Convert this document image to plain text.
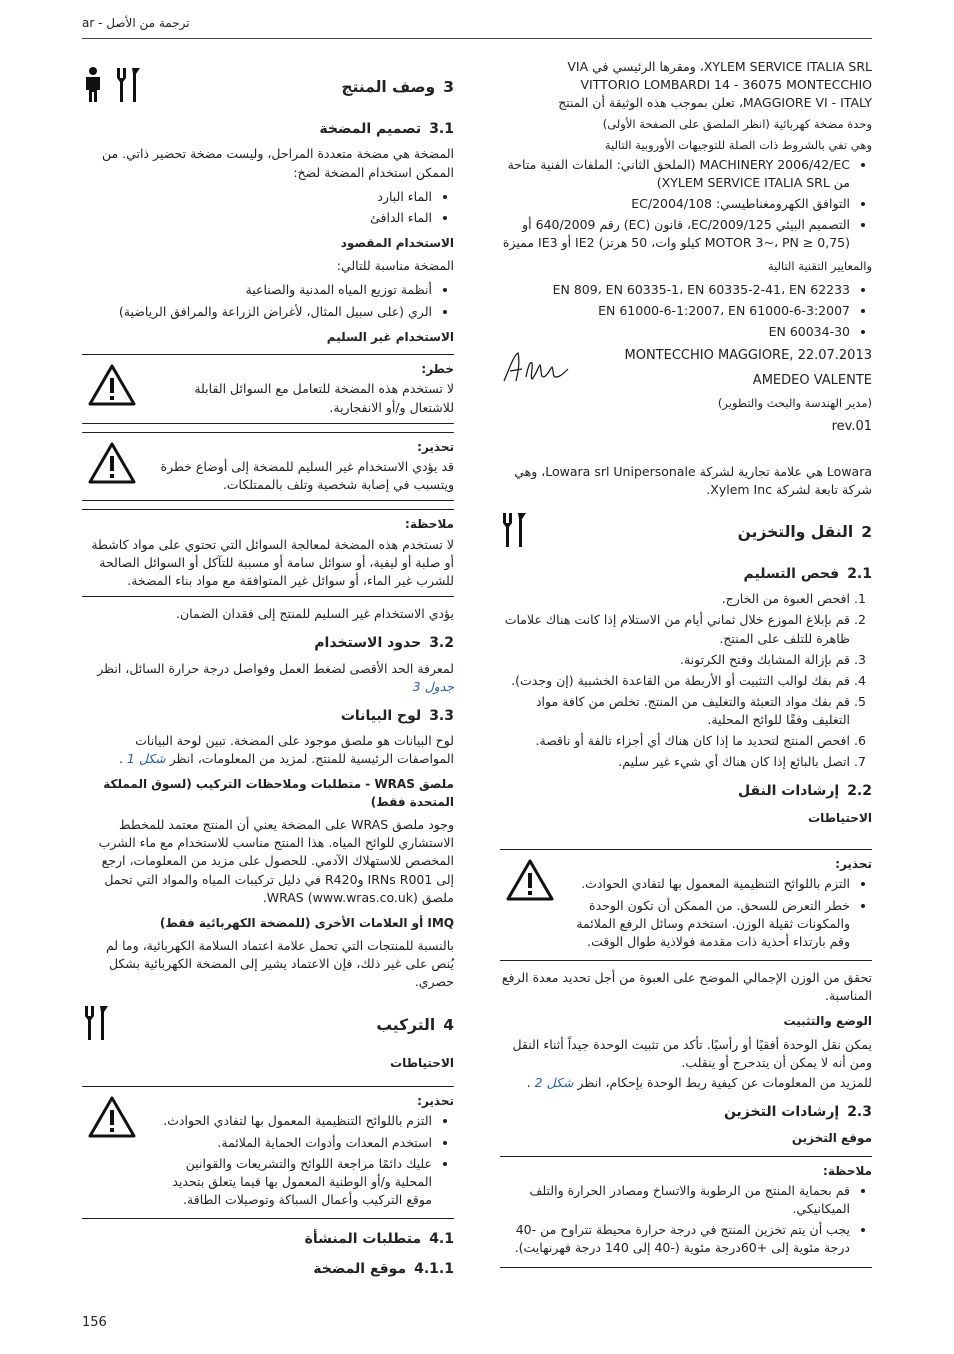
ar - ترجمة من الأصل

XYLEM SERVICE ITALIA SRL، ومقرها الرئيسي في VIA

VITTORIO LOMBARDI 14 - 36075 MONTECCHIO

MAGGIORE VI - ITALY، تعلن بموجب هذه الوثيقة أن المنتج

وحدة مضخة كهربائية (انظر الملصق على الصفحة الأولى)

وهي تفي بالشروط ذات الصلة للتوجيهات الأوروبية التالية

• MACHINERY 2006/42/EC (الملحق الثاني: الملفات الفنية متاحة من XYLEM SERVICE ITALIA SRL)
• التوافق الكهرومغناطيسي: EC/2004/108
• التصميم البيئي EC/2009/125، قانون (EC) رقم 640/2009 أو (MOTOR 3~، PN ≥ 0,75 كيلو وات، 50 هرتز) IE2 أو IE3 مميزة

والمعايير التقنية التالية

• EN 809، EN 60335-1، EN 60335-2-41، EN 62233
• EN 61000-6-1:2007، EN 61000-6-3:2007
• EN 60034-30
MONTECCHIO MAGGIORE, 22.07.2013
AMEDEO VALENTE
(مدير الهندسة والبحث والتطوير)
rev.01

Lowara هي علامة تجارية لشركة Lowara srl Unipersonale، وهي شركة تابعة لشركة Xylem Inc.

2النقل والتخزين
2.1فحص التسليم
1. افحص العبوة من الخارج.
2. قم بإبلاغ الموزع خلال ثماني أيام من الاستلام إذا كانت هناك علامات ظاهرة للتلف على المنتج.
3. قم بإزالة المشابك وفتح الكرتونة.
4. قم بفك لوالب التثبيت أو الأربطة من القاعدة الخشبية (إن وجدت).
5. قم بفك مواد التعبئة والتغليف من المنتج. تخلص من كافة مواد التغليف وفقًا للوائح المحلية.
6. افحص المنتج لتحديد ما إذا كان هناك أي أجزاء تالفة أو ناقصة.
7. اتصل بالبائع إذا كان هناك أي شيء غير سليم.
2.2إرشادات النقل
الاحتياطات
تحذير:
• التزم باللوائح التنظيمية المعمول بها لتفادي الحوادث.
• خطر التعرض للسحق. من الممكن أن تكون الوحدة والمكونات ثقيلة الوزن. استخدم وسائل الرفع الملائمة وقم بارتداء أحذية ذات مقدمة فولاذية طوال الوقت.

تحقق من الوزن الإجمالي الموضح على العبوة من أجل تحديد معدة الرفع المناسبة.

الوضع والتثبيت

يمكن نقل الوحدة أفقيًا أو رأسيًا. تأكد من تثبيت الوحدة جيداً أثناء النقل ومن أنه لا يمكن أن يتدحرج أو ينقلب.

للمزيد من المعلومات عن كيفية ربط الوحدة بإحكام، انظر شكل 2 .

2.3إرشادات التخزين
موقع التخزين
ملاحظة:
• قم بحماية المنتج من الرطوبة والاتساخ ومصادر الحرارة والتلف الميكانيكي.
• يجب أن يتم تخزين المنتج في درجة حرارة محيطة تتراوح من -40 درجة مئوية إلى +60درجة مئوية (-40 إلى 140 درجة فهرنهايت).
3وصف المنتج
3.1تصميم المضخة

المضخة هي مضخة متعددة المراحل، وليست مضخة تحضير ذاتي. من الممكن استخدام المضخة لضخ:

• الماء البارد
• الماء الدافئ
الاستخدام المقصود

المضخة مناسبة للتالي:

• أنظمة توزيع المياه المدنية والصناعية
• الري (على سبيل المثال، لأغراض الزراعة والمرافق الرياضية)
الاستخدام غير السليم
خطر:
لا تستخدم هذه المضخة للتعامل مع السوائل القابلة للاشتعال و/أو الانفجارية.
تحذير:
قد يؤدي الاستخدام غير السليم للمضخة إلى أوضاع خطرة ويتسبب في إصابة شخصية وتلف بالممتلكات.
ملاحظة:
لا تستخدم هذه المضخة لمعالجة السوائل التي تحتوي على مواد كاشطة أو صلبة أو ليفية، أو سوائل سامة أو مسببة للتآكل أو السوائل الصالحة للشرب غير الماء، أو سوائل غير المتوافقة مع مواد بناء المضخة.

يؤدي الاستخدام غير السليم للمنتج إلى فقدان الضمان.

3.2حدود الاستخدام

لمعرفة الحد الأقصى لضغط العمل وفواصل درجة حرارة السائل، انظر جدول 3

3.3لوح البيانات

لوح البيانات هو ملصق موجود على المضخة. تبين لوحة البيانات المواصفات الرئيسية للمنتج. لمزيد من المعلومات، انظر شكل 1 .

ملصق WRAS - متطلبات وملاحظات التركيب (لسوق المملكة المتحدة فقط)

وجود ملصق WRAS على المضخة يعني أن المنتج معتمد للمخطط الاستشاري للوائح المياه. هذا المنتج مناسب للاستخدام مع ماء الشرب المخصص للاستهلاك الآدمي. للحصول على مزيد من المعلومات، ارجع إلى IRNs R001 وR420 في دليل تركيبات المياه والمواد التي تحمل ملصق WRAS (www.wras.co.uk).

IMQ أو العلامات الأخرى (للمضخة الكهربائية فقط)

بالنسبة للمنتجات التي تحمل علامة اعتماد السلامة الكهربائية، وما لم يُنص على غير ذلك، فإن الاعتماد يشير إلى المضخة الكهربائية بشكل حصري.

4التركيب
الاحتياطات
تحذير:
• التزم باللوائح التنظيمية المعمول بها لتفادي الحوادث.
• استخدم المعدات وأدوات الحماية الملائمة.
• عليك دائمًا مراجعة اللوائح والتشريعات والقوانين المحلية و/أو الوطنية المعمول بها فيما يتعلق بتحديد موقع التركيب وأعمال السباكة وتوصيلات الطاقة.
4.1متطلبات المنشأة
4.1.1موقع المضخة
156
